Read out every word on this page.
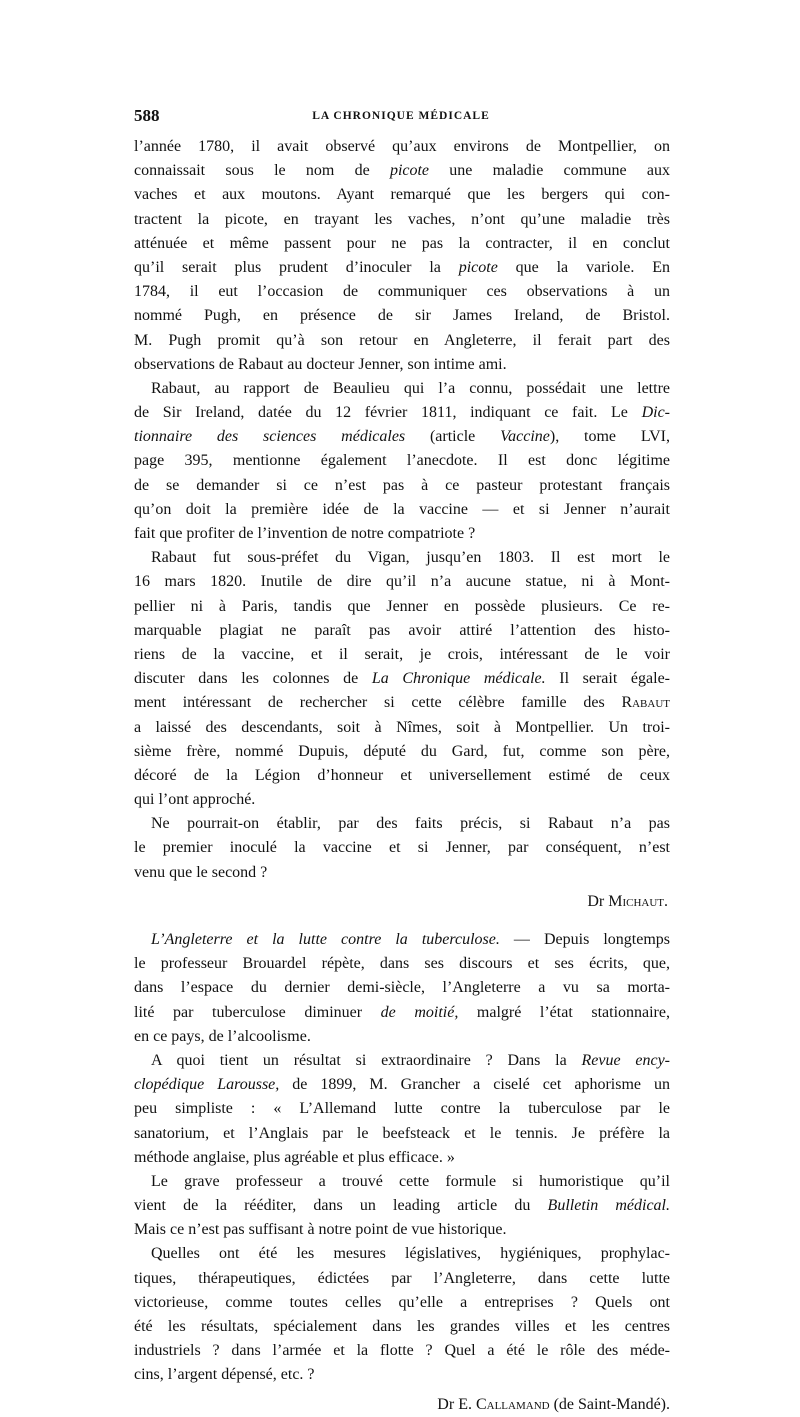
588	LA CHRONIQUE MÉDICALE
l’année 1780, il avait observé qu’aux environs de Montpellier, on
connaissait sous le nom de picote une maladie commune aux
vaches et aux moutons. Ayant remarqué que les bergers qui con-
tractent la picote, en trayant les vaches, n’ont qu’une maladie très
atténuée et même passent pour ne pas la contracter, il en conclut
qu’il serait plus prudent d’inoculer la picote que la variole. En
1784, il eut l’occasion de communiquer ces observations à un
nommé Pugh, en présence de sir James Ireland, de Bristol.
M. Pugh promit qu’à son retour en Angleterre, il ferait part des
observations de Rabaut au docteur Jenner, son intime ami.
Rabaut, au rapport de Beaulieu qui l’a connu, possédait une lettre
de Sir Ireland, datée du 12 février 1811, indiquant ce fait. Le Dic-
tionnaire des sciences médicales (article Vaccine), tome LVI,
page 395, mentionne également l’anecdote. Il est donc légitime
de se demander si ce n’est pas à ce pasteur protestant français
qu’on doit la première idée de la vaccine — et si Jenner n’aurait
fait que profiter de l’invention de notre compatriote ?
Rabaut fut sous-préfet du Vigan, jusqu’en 1803. Il est mort le
16 mars 1820. Inutile de dire qu’il n’a aucune statue, ni à Mont-
pellier ni à Paris, tandis que Jenner en possède plusieurs. Ce re-
marquable plagiat ne paraît pas avoir attiré l’attention des histo-
riens de la vaccine, et il serait, je crois, intéressant de le voir
discuter dans les colonnes de La Chronique médicale. Il serait égale-
ment intéressant de rechercher si cette célèbre famille des Rabaut
a laissé des descendants, soit à Nîmes, soit à Montpellier. Un troi-
sième frère, nommé Dupuis, député du Gard, fut, comme son père,
décoré de la Légion d’honneur et universellement estimé de ceux
qui l’ont approché.
Ne pourrait-on établir, par des faits précis, si Rabaut n’a pas
le premier inoculé la vaccine et si Jenner, par conséquent, n’est
venu que le second ?
Dr Michaut.
L’Angleterre et la lutte contre la tuberculose. — Depuis longtemps
le professeur Brouardel répète, dans ses discours et ses écrits, que,
dans l’espace du dernier demi-siècle, l’Angleterre a vu sa morta-
lité par tuberculose diminuer de moitié, malgré l’état stationnaire,
en ce pays, de l’alcoolisme.
A quoi tient un résultat si extraordinaire ? Dans la Revue ency-
clopédique Larousse, de 1899, M. Grancher a ciselé cet aphorisme un
peu simpliste : « L’Allemand lutte contre la tuberculose par le
sanatorium, et l’Anglais par le beefsteack et le tennis. Je préfère la
méthode anglaise, plus agréable et plus efficace. »
Le grave professeur a trouvé cette formule si humoristique qu’il
vient de la rééditer, dans un leading article du Bulletin médical.
Mais ce n’est pas suffisant à notre point de vue historique.
Quelles ont été les mesures législatives, hygiéniques, prophylac-
tiques, thérapeutiques, édictées par l’Angleterre, dans cette lutte
victorieuse, comme toutes celles qu’elle a entreprises ? Quels ont
été les résultats, spécialement dans les grandes villes et les centres
industriels ? dans l’armée et la flotte ? Quel a été le rôle des méde-
cins, l’argent dépensé, etc. ?
Dr E. Callamand (de Saint-Mandé).
